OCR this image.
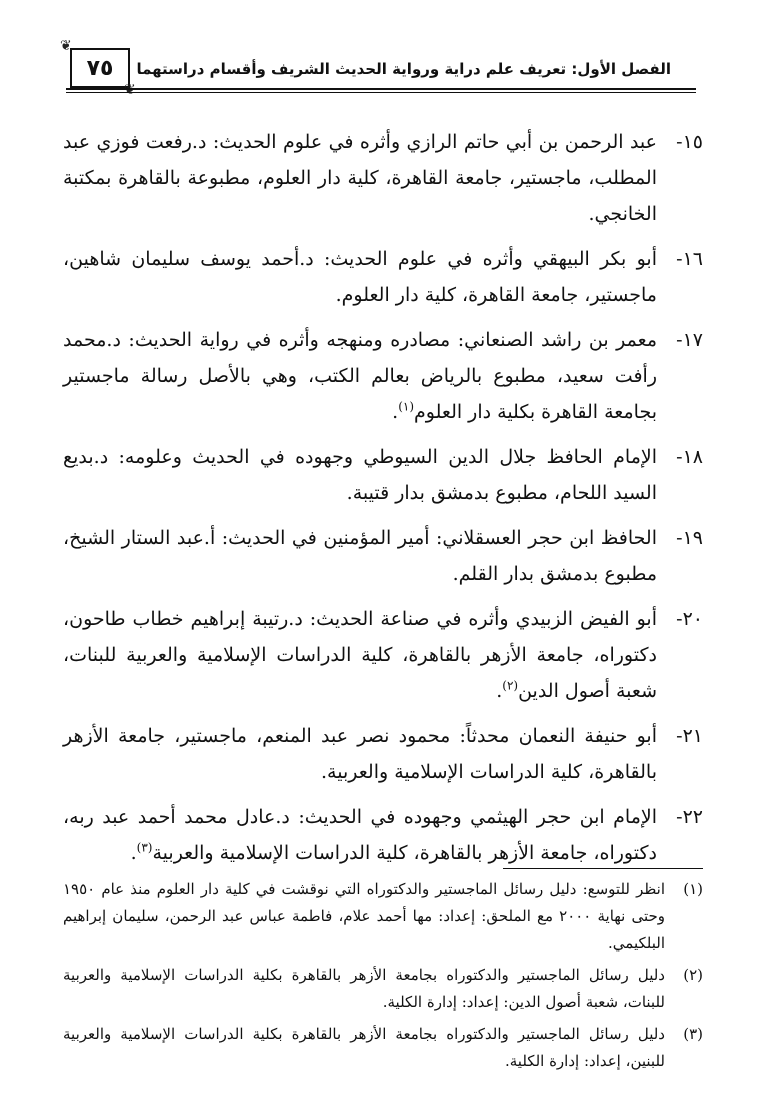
الفصل الأول: تعريف علم دراية ورواية الحديث الشريف وأقسام دراستهما
❦
٧٥
❦
١٥-
عبد الرحمن بن أبي حاتم الرازي وأثره في علوم الحديث: د.رفعت فوزي عبد المطلب، ماجستير، جامعة القاهرة، كلية دار العلوم، مطبوعة بالقاهرة بمكتبة الخانجي.
١٦-
أبو بكر البيهقي وأثره في علوم الحديث: د.أحمد يوسف سليمان شاهين، ماجستير، جامعة القاهرة، كلية دار العلوم.
١٧-
معمر بن راشد الصنعاني: مصادره ومنهجه وأثره في رواية الحديث: د.محمد رأفت سعيد، مطبوع بالرياض بعالم الكتب، وهي بالأصل رسالة ماجستير بجامعة القاهرة بكلية دار العلوم$^{(١)}$.
١٨-
الإمام الحافظ جلال الدين السيوطي وجهوده في الحديث وعلومه: د.بديع السيد اللحام، مطبوع بدمشق بدار قتيبة.
١٩-
الحافظ ابن حجر العسقلاني: أمير المؤمنين في الحديث: أ.عبد الستار الشيخ، مطبوع بدمشق بدار القلم.
٢٠-
أبو الفيض الزبيدي وأثره في صناعة الحديث: د.رتيبة إبراهيم خطاب طاحون، دكتوراه، جامعة الأزهر بالقاهرة، كلية الدراسات الإسلامية والعربية للبنات، شعبة أصول الدين$^{(٢)}$.
٢١-
أبو حنيفة النعمان محدثاً: محمود نصر عبد المنعم، ماجستير، جامعة الأزهر بالقاهرة، كلية الدراسات الإسلامية والعربية.
٢٢-
الإمام ابن حجر الهيثمي وجهوده في الحديث: د.عادل محمد أحمد عبد ربه، دكتوراه، جامعة الأزهر بالقاهرة، كلية الدراسات الإسلامية والعربية$^{(٣)}$.
(١)
انظر للتوسع: دليل رسائل الماجستير والدكتوراه التي نوقشت في كلية دار العلوم منذ عام ١٩٥٠ وحتى نهاية ٢٠٠٠ مع الملحق: إعداد: مها أحمد علام، فاطمة عباس عبد الرحمن، سليمان إبراهيم البلكيمي.
(٢)
دليل رسائل الماجستير والدكتوراه بجامعة الأزهر بالقاهرة بكلية الدراسات الإسلامية والعربية للبنات، شعبة أصول الدين: إعداد: إدارة الكلية.
(٣)
دليل رسائل الماجستير والدكتوراه بجامعة الأزهر بالقاهرة بكلية الدراسات الإسلامية والعربية للبنين، إعداد: إدارة الكلية.
